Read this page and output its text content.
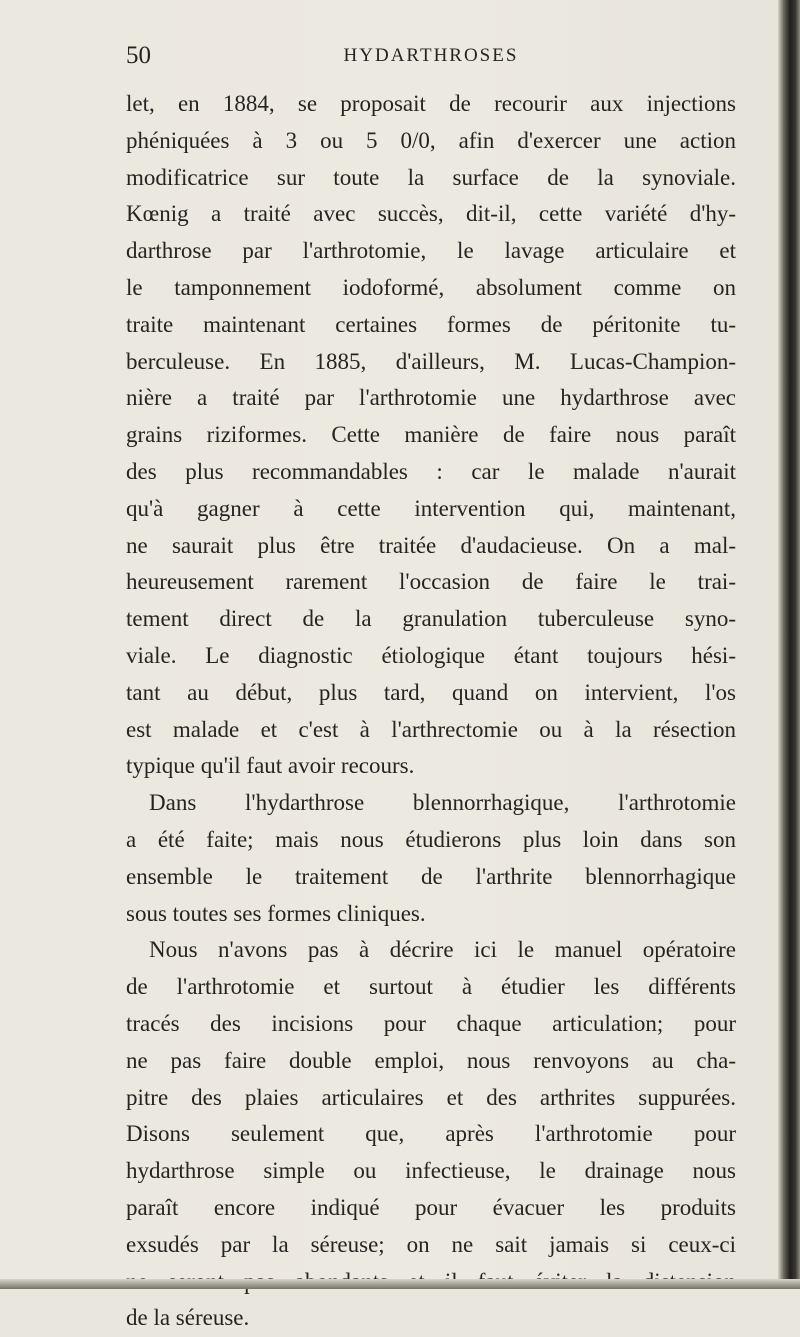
50	HYDARTHROSES
let, en 1884, se proposait de recourir aux injections
phéniquées à 3 ou 5 0/0, afin d'exercer une action
modificatrice sur toute la surface de la synoviale.
Kœnig a traité avec succès, dit-il, cette variété d'hy-
darthrose par l'arthrotomie, le lavage articulaire et
le tamponnement iodoformé, absolument comme on
traite maintenant certaines formes de péritonite tu-
berculeuse. En 1885, d'ailleurs, M. Lucas-Champion-
nière a traité par l'arthrotomie une hydarthrose avec
grains riziformes. Cette manière de faire nous paraît
des plus recommandables : car le malade n'aurait
qu'à gagner à cette intervention qui, maintenant,
ne saurait plus être traitée d'audacieuse. On a mal-
heureusement rarement l'occasion de faire le trai-
tement direct de la granulation tuberculeuse syno-
viale. Le diagnostic étiologique étant toujours hési-
tant au début, plus tard, quand on intervient, l'os
est malade et c'est à l'arthrectomie ou à la résection
typique qu'il faut avoir recours.
Dans l'hydarthrose blennorrhagique, l'arthrotomie
a été faite; mais nous étudierons plus loin dans son
ensemble le traitement de l'arthrite blennorrhagique
sous toutes ses formes cliniques.
Nous n'avons pas à décrire ici le manuel opératoire
de l'arthrotomie et surtout à étudier les différents
tracés des incisions pour chaque articulation; pour
ne pas faire double emploi, nous renvoyons au cha-
pitre des plaies articulaires et des arthrites suppurées.
Disons seulement que, après l'arthrotomie pour
hydarthrose simple ou infectieuse, le drainage nous
paraît encore indiqué pour évacuer les produits
exsudés par la séreuse; on ne sait jamais si ceux-ci
de la séreuse.
